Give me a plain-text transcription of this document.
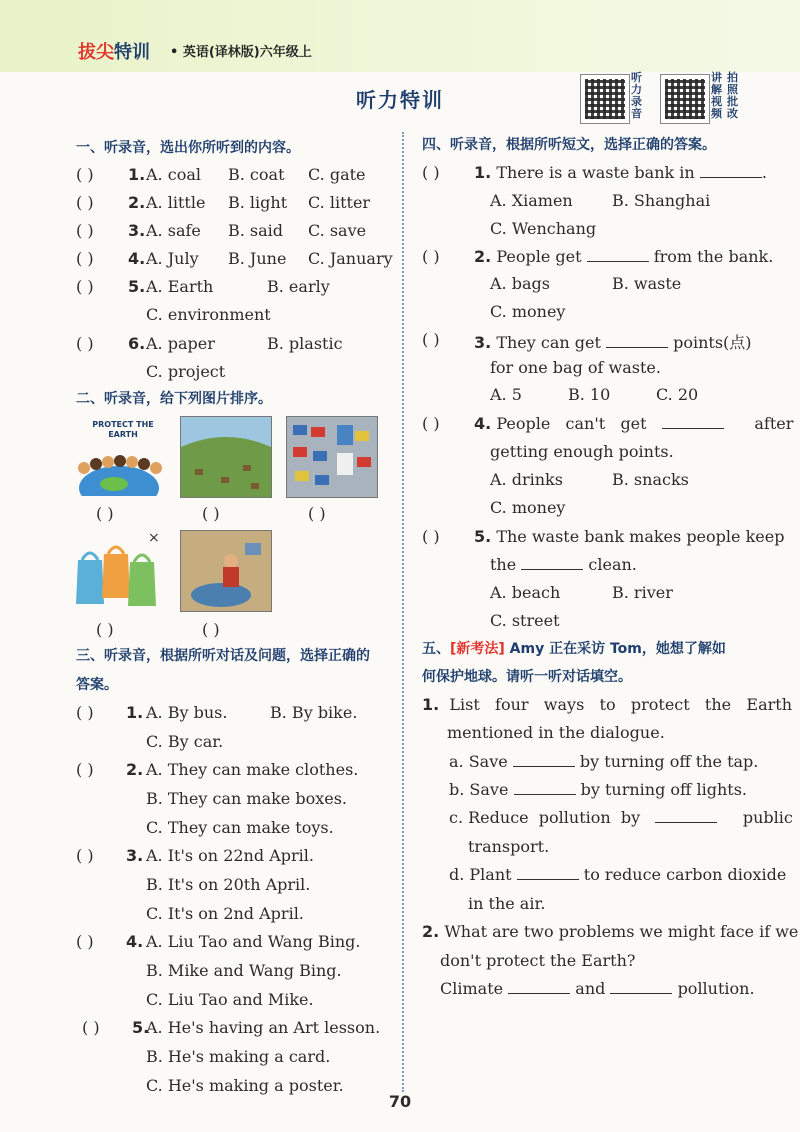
拔尖特训 • 英语(译林版)六年级上
听力特训
听力录音
讲解视频
拍照批改
一、听录音，选出你所听到的内容。
( ) 1. A. coal B. coat C. gate
( ) 2. A. little B. light C. litter
( ) 3. A. safe B. said C. save
( ) 4. A. July B. June C. January
( ) 5. A. Earth	B. early
C. environment
( ) 6. A. paper	B. plastic
C. project
二、听录音，给下列图片排序。
PROTECT THE EARTH
( )	( )	( )
×
( )	( )
三、听录音，根据所听对话及问题，选择正确的
答案。
( ) 1. A. By bus.	B. By bike.
C. By car.
( ) 2. A. They can make clothes.
B. They can make boxes.
C. They can make toys.
( ) 3. A. It's on 22nd April.
B. It's on 20th April.
C. It's on 2nd April.
( ) 4. A. Liu Tao and Wang Bing.
B. Mike and Wang Bing.
C. Liu Tao and Mike.
( ) 5.
A. He's having an Art lesson.
B. He's making a card.
C. He's making a poster.
四、听录音，根据所听短文，选择正确的答案。
( ) 1. There is a waste bank in	.
A. Xiamen B. Shanghai
C. Wenchang
( ) 2. People get	from the bank.
A. bags	B. waste
C. money
( ) 3. They can get	points(点)
for one bag of waste.
A. 5	B. 10	C. 20
( ) 4. People   can't   get	after
getting enough points.
A. drinks	B. snacks
C. money
( ) 5. The waste bank makes people keep
the	clean.
A. beach	B. river
C. street
五、[新考法] Amy 正在采访 Tom，她想了解如
何保护地球。请听一听对话填空。
1. List   four   ways   to   protect   the   Earth
mentioned in the dialogue.
a. Save	by turning off the tap.
b. Save	by turning off lights.
c. Reduce  pollution  by	public
transport.
d. Plant	to reduce carbon dioxide
in the air.
2. What are two problems we might face if we
don't protect the Earth?
Climate	and	pollution.
70
